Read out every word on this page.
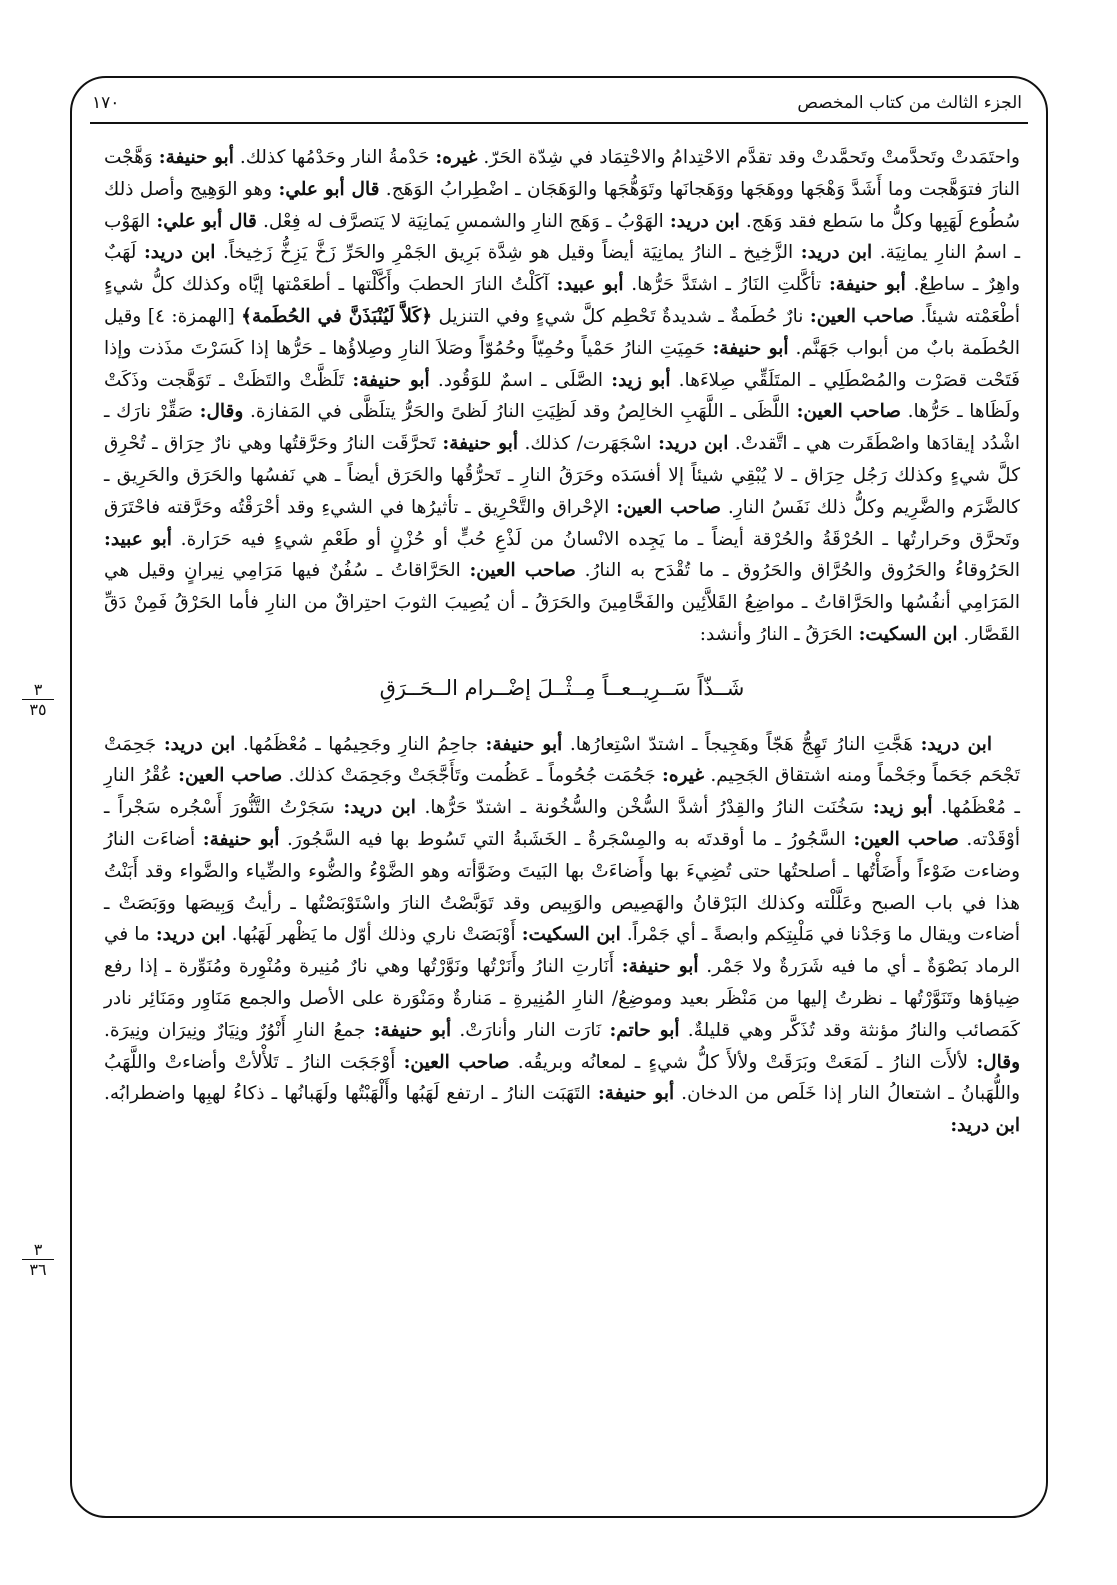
الجزء الثالث من كتاب المخصص
١٧٠
٣
٣٥
٣
٣٦

واحتَمَدتْ وتَحدَّمتْ وتَحمَّدتْ وقد تقدَّم الاحْتِدامُ والاحْتِمَاد في شِدّة الحَرّ. غيره: حَدْمةُ النار وحَدْمُها كذلك. أبو حنيفة: وَهَّجْت النارَ فتوَهَّجت وما أَشَدَّ وَهْجَها ووهَجَها ووَهَجانَها وتَوَهُّجَها والوَهَجَان ـ اضْطِرابُ الوَهَج. قال أبو علي: وهو الوَهِيج وأصل ذلك سُطُوع لَهَبِها وكلُّ ما سَطع فقد وَهَج. ابن دريد: الهَوْبُ ـ وَهَج النارِ والشمسِ يَمانِيَة لا يَتصرَّف له فِعْل. قال أبو علي: الهَوْب ـ اسمُ النارِ يمانِيَة. ابن دريد: الزَّخِيخ ـ النارُ يمانِيَة أيضاً وقيل هو شِدَّة بَرِيق الجَمْرِ والحَرِّ زَخَّ يَزِخُّ زَخِيخاً. ابن دريد: لَهَبٌ واهِرٌ ـ ساطِعٌ. أبو حنيفة: تأكَّلتِ النَارُ ـ اشتَدَّ حَرُّها. أبو عبيد: آكَلْتُ النارَ الحطبَ وأَكَّلْتها ـ أطعَمْتها إيَّاه وكذلك كلُّ شيءٍ أطْعَمْته شيئاً. صاحب العين: نارٌ حُطَمةٌ ـ شديدةٌ تَحْطِم كلَّ شيءٍ وفي التنزيل ﴿كَلاَّ لَيُنْبَذَنَّ في الحُطَمة﴾ [الهمزة: ٤] وقيل الحُطَمة بابٌ من أبواب جَهَنَّم. أبو حنيفة: حَمِيَتِ النارُ حَمْياً وحُمِيّاً وحُمُوّاً وصَلاَ النارِ وصِلاؤُها ـ حَرُّها إذا كَسَرْتَ مذَذت وإذا فَتَحْت قصَرْت والمُصْطَلِي ـ المتَلَقِّي صِلاءَها. أبو زيد: الصَّلَى ـ اسمٌ للوَقُود. أبو حنيفة: تَلَظَّتْ والتَظَتْ ـ تَوَهَّجت وذَكَتْ ولَظَاها ـ حَرُّها. صاحب العين: اللَّظَى ـ اللَّهَبِ الخالِصُ وقد لَظِيَتِ النارُ لَظىً والحَرُّ يتلَظَّى في المَفازة. وقال: صَقِّرْ نارَك ـ اشْدُد إيقادَها واصْطَقَرت هي ـ اتَّقدتْ. ابن دريد: اسْجَهَرت/ كذلك. أبو حنيفة: تَحرَّقَت النارُ وحَرَّقتُها وهي نارٌ حِرَاق ـ تُحْرِق كلَّ شيءٍ وكذلك رَجُل حِرَاق ـ لا يُبْقِي شيئاً إلا أفسَدَه وحَرَقُ النارِ ـ تَحرُّقُها والحَرَق أيضاً ـ هي نَفسُها والحَرَق والحَرِيق ـ كالضَّرَم والضَّرِيم وكلُّ ذلك نَفَسُ النارِ. صاحب العين: الإحْراق والتَّحْرِيق ـ تأثيرُها في الشيءِ وقد أحْرَقْتُه وحَرَّقته فاحْتَرَق وتَحرَّق وحَرارتُها ـ الحُرْقَةُ والحُرْقة أيضاً ـ ما يَجِده الانْسانُ من لَذْعِ حُبٍّ أو حُزْنٍ أو طَعْمِ شيءٍ فيه حَرَارة. أبو عبيد: الحَرُوقاءُ والحَرُوق والحُرَّاق والحَرُوق ـ ما تُقْدَح به النارُ. صاحب العين: الحَرَّاقاتُ ـ سُفُنٌ فيها مَرَامِي نِيرانٍ وقيل هي المَرَامِي أنفُسُها والحَرَّاقاتُ ـ مواضِعُ القَلاَّئِين والفَحَّامِينَ والحَرَقُ ـ أن يُصِيبَ الثوبَ احتِراقٌ من النارِ فأما الحَرْقُ فَمِنْ دَقِّ القَصَّار. ابن السكيت: الحَرَقُ ـ النارُ وأنشد:

شَــذّاً سَــرِيــعــاً مِــثْــلَ إضْــرام الــحَــرَقِ

ابن دريد: هَجَّتِ النارُ تَهِجُّ هَجّاً وهَجِيجاً ـ اشتدّ اسْتِعارُها. أبو حنيفة: جاحِمُ النارِ وجَحِيمُها ـ مُعْظَمُها. ابن دريد: جَحِمَتْ تَجْحَم جَحَماً وجَحْماً ومنه اشتقاق الجَحِيم. غيره: جَحُمَت جُحُوماً ـ عَظُمت وتَأَجَّجَتْ وجَحِمَتْ كذلك. صاحب العين: عُقْرُ النارِ ـ مُعْظَمُها. أبو زيد: سَخُنَت النارُ والقِدْرُ أشدَّ السُّخْن والسُّخُونة ـ اشتدّ حَرُّها. ابن دريد: سَجَرْتُ التَّنُّورَ أَسْجُره سَجْراً ـ أوْقَدْته. صاحب العين: السَّجُورُ ـ ما أوقدتَه به والمِسْجَرةُ ـ الخَشَبةُ التي تَسُوط بها فيه السَّجُورَ. أبو حنيفة: أضاءَت النارُ وضاءت ضَوْءاً وأَضَأْتُها ـ أصلحتُها حتى تُضِيءَ بها وأَضاءَتْ بها البَيتَ وضَوَّأته وهو الضَّوْءُ والضُّوء والضِّياء والضَّواء وقد أَبَنْتُ هذا في باب الصبح وعَلَّلْته وكذلك البَرْقانُ والهَصِيص والوَبِيص وقد تَوَبَّصْتُ النارَ واسْتَوْبَصْتُها ـ رأيتُ وَبِيصَها ووَبَصَتْ ـ أضاءت ويقال ما وَجَدْنا في مَلْبِتِكم وابصةً ـ أي جَمْراً. ابن السكيت: أَوْبَصَتْ ناري وذلك أوّل ما يَظْهر لَهَبُها. ابن دريد: ما في الرماد بَصْوَةٌ ـ أي ما فيه شَرَرةٌ ولا جَمْر. أبو حنيفة: أَنَارتِ النارُ وأَنَرْتُها ونَوَّرْتُها وهي نارٌ مُنِيرة ومُنْوِرة ومُنَوِّرة ـ إذا رفع ضِياؤها وتَنَوَّرْتُها ـ نظرتُ إليها من مَنْظَر بعيد وموضِعُ/ النارِ المُنِيرةِ ـ مَنارةٌ ومَنْوَرة على الأصل والجمع مَنَاوِر ومَنَائِر نادر كَمَصائب والنارُ مؤنثة وقد تُذَكَّر وهي قليلةٌ. أبو حاتم: نَارَت النار وأنارَتْ. أبو حنيفة: جمعُ النارِ أَنْوُرٌ ونِيَارٌ ونِيرَان ونِيرَة. وقال: لألأَت النارُ ـ لَمَعَتْ وبَرَقَتْ ولألأَ كلُّ شيءٍ ـ لمعانُه وبريقُه. صاحب العين: أَوْجَجَت النارُ ـ تَلأْلأتْ وأضاءتْ واللَّهَبُ واللُّهَبانُ ـ اشتعالُ النار إذا خَلَص من الدخان. أبو حنيفة: التَهَبَت النارُ ـ ارتفع لَهَبُها وأَلْهَبْتُها ولَهَبانُها ـ ذكاءُ لهبِها واضطرابُه. ابن دريد:
